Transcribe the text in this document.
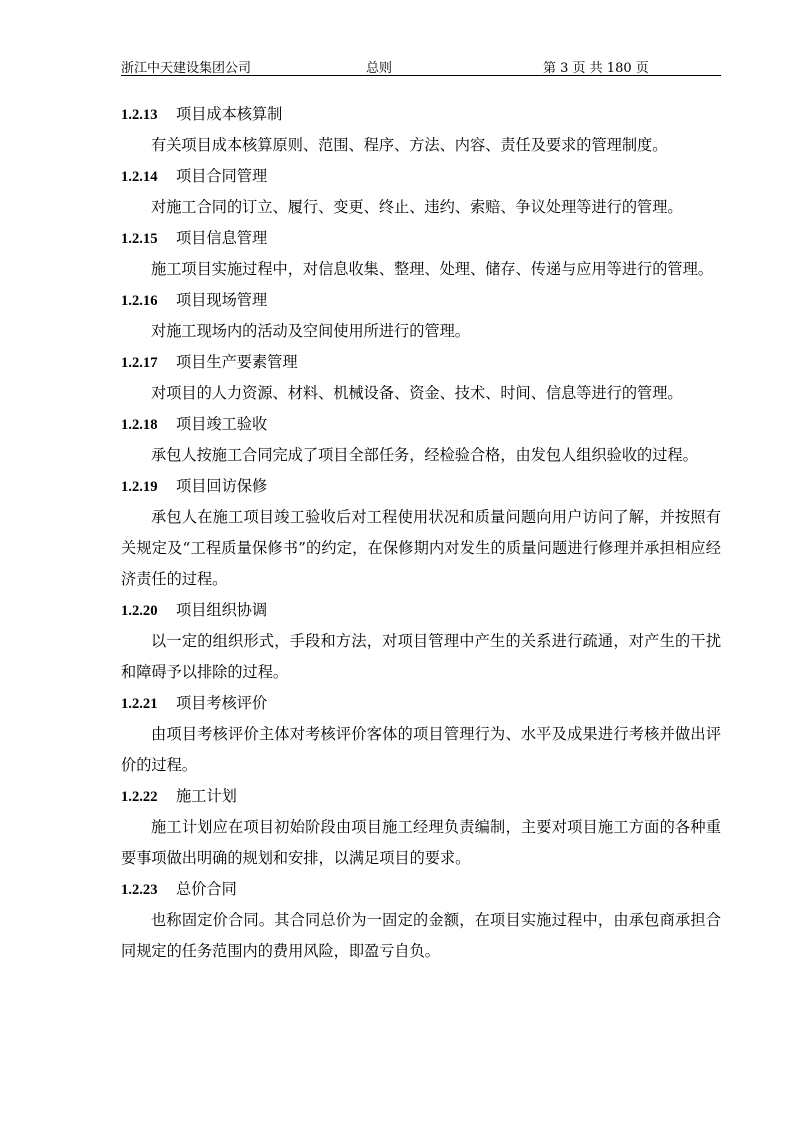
浙江中天建设集团公司	总则	第 3 页 共 180 页
1.2.13 项目成本核算制
有关项目成本核算原则、范围、程序、方法、内容、责任及要求的管理制度。
1.2.14 项目合同管理
对施工合同的订立、履行、变更、终止、违约、索赔、争议处理等进行的管理。
1.2.15 项目信息管理
施工项目实施过程中，对信息收集、整理、处理、储存、传递与应用等进行的管理。
1.2.16 项目现场管理
对施工现场内的活动及空间使用所进行的管理。
1.2.17 项目生产要素管理
对项目的人力资源、材料、机械设备、资金、技术、时间、信息等进行的管理。
1.2.18 项目竣工验收
承包人按施工合同完成了项目全部任务，经检验合格，由发包人组织验收的过程。
1.2.19 项目回访保修
承包人在施工项目竣工验收后对工程使用状况和质量问题向用户访问了解，并按照有关规定及“工程质量保修书”的约定，在保修期内对发生的质量问题进行修理并承担相应经济责任的过程。
1.2.20 项目组织协调
以一定的组织形式，手段和方法，对项目管理中产生的关系进行疏通，对产生的干扰和障碍予以排除的过程。
1.2.21 项目考核评价
由项目考核评价主体对考核评价客体的项目管理行为、水平及成果进行考核并做出评价的过程。
1.2.22 施工计划
施工计划应在项目初始阶段由项目施工经理负责编制，主要对项目施工方面的各种重要事项做出明确的规划和安排，以满足项目的要求。
1.2.23 总价合同
也称固定价合同。其合同总价为一固定的金额，在项目实施过程中，由承包商承担合同规定的任务范围内的费用风险，即盈亏自负。
